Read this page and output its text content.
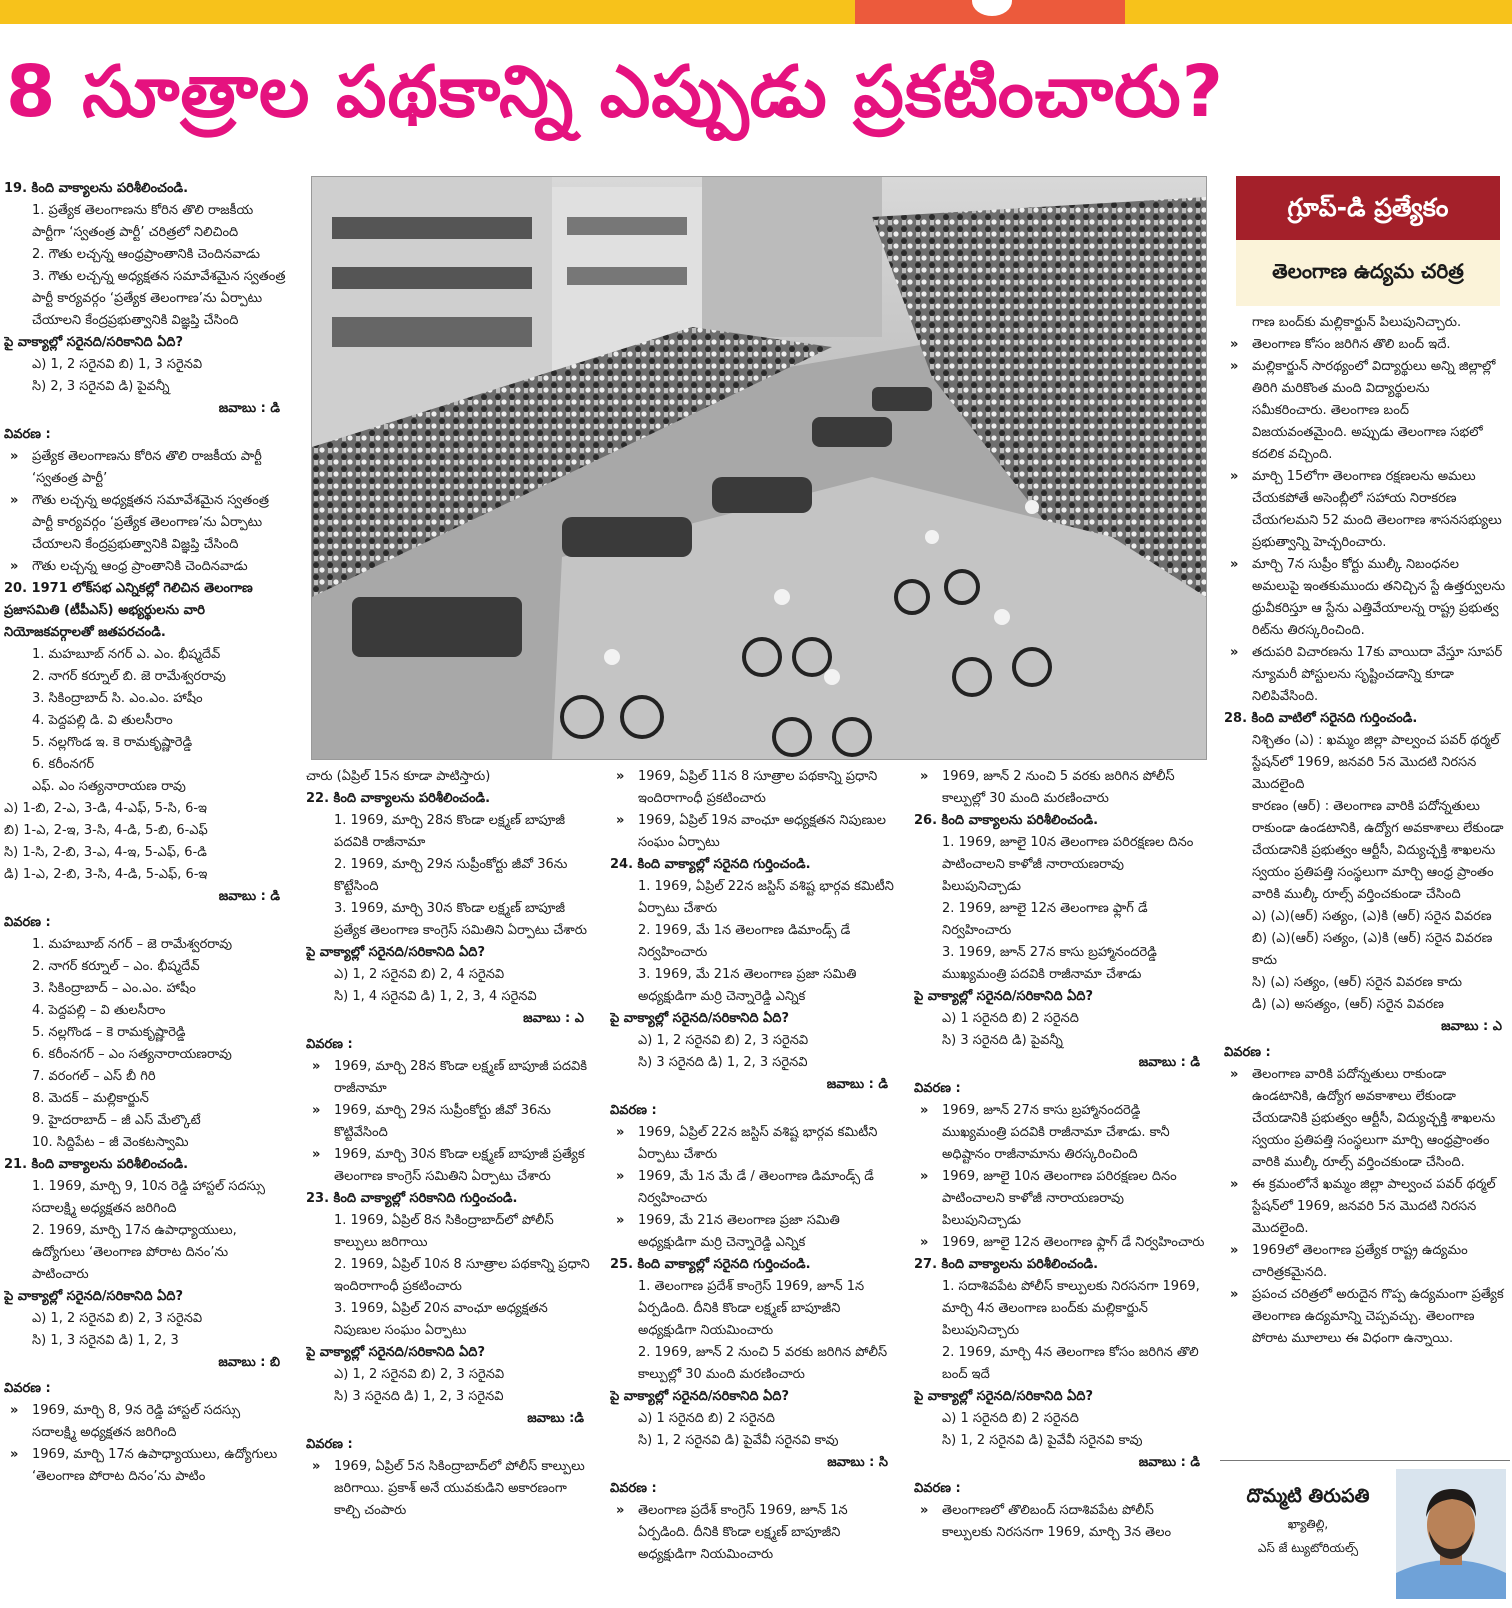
8 సూత్రాల పథకాన్ని ఎప్పుడు ప్రకటించారు?

19. కింది వాక్యాలను పరిశీలించండి.

1. ప్రత్యేక తెలంగాణను కోరిన తొలి రాజకీయ పార్టీగా ‘స్వతంత్ర పార్టీ’ చరిత్రలో నిలిచింది

2. గౌతు లచ్చన్న ఆంధ్రప్రాంతానికి చెందినవాడు

3. గౌతు లచ్చన్న అధ్యక్షతన సమావేశమైన స్వతంత్ర పార్టీ కార్యవర్గం ‘ప్రత్యేక తెలంగాణ’ను ఏర్పాటు చేయాలని కేంద్రప్రభుత్వానికి విజ్ఞప్తి చేసింది

పై వాక్యాల్లో సరైనది/సరికానిది ఏది?

ఎ) 1, 2 సరైనవి బి) 1, 3 సరైనవి

సి) 2, 3 సరైనవి డి) పైవన్నీ

జవాబు : డి

వివరణ :

» ప్రత్యేక తెలంగాణను కోరిన తొలి రాజకీయ పార్టీ ‘స్వతంత్ర పార్టీ’

» గౌతు లచ్చన్న అధ్యక్షతన సమావేశమైన స్వతంత్ర పార్టీ కార్యవర్గం ‘ప్రత్యేక తెలంగాణ’ను ఏర్పాటు చేయాలని కేంద్రప్రభుత్వానికి విజ్ఞప్తి చేసింది

» గౌతు లచ్చన్న ఆంధ్ర ప్రాంతానికి చెందినవాడు

20. 1971 లోక్‌సభ ఎన్నికల్లో గెలిచిన తెలంగాణ ప్రజాసమితి (టీపీఎస్) అభ్యర్థులను వారి నియోజకవర్గాలతో జతపరచండి.

1. మహబూబ్ నగర్ ఎ. ఎం. భీష్మదేవ్

2. నాగర్ కర్నూల్ బి. జె రామేశ్వరరావు

3. సికింద్రాబాద్ సి. ఎం.ఎం. హాషీం

4. పెద్దపల్లి డి. వి తులసీరాం

5. నల్లగొండ ఇ. కె రామకృష్ణారెడ్డి

6. కరీంనగర్

ఎఫ్. ఎం సత్యనారాయణ రావు

ఎ) 1-బి, 2-ఎ, 3-డి, 4-ఎఫ్, 5-సి, 6-ఇ

బి) 1-ఎ, 2-ఇ, 3-సి, 4-డి, 5-బి, 6-ఎఫ్

సి) 1-సి, 2-బి, 3-ఎ, 4-ఇ, 5-ఎఫ్, 6-డి

డి) 1-ఎ, 2-బి, 3-సి, 4-డి, 5-ఎఫ్, 6-ఇ

జవాబు : డి

వివరణ :

1. మహబూబ్ నగర్ – జె రామేశ్వరరావు

2. నాగర్ కర్నూల్ – ఎం. భీష్మదేవ్

3. సికింద్రాబాద్ – ఎం.ఎం. హాషీం

4. పెద్దపల్లి – వి తులసీరాం

5. నల్లగొండ – కె రామకృష్ణారెడ్డి

6. కరీంనగర్ – ఎం సత్యనారాయణరావు

7. వరంగల్ – ఎస్ బీ గిరి

8. మెదక్ – మల్లికార్జున్

9. హైదరాబాద్ – జీ ఎస్ మేల్కొటే

10. సిద్దిపేట – జీ వెంకటస్వామి

21. కింది వాక్యాలను పరిశీలించండి.

1. 1969, మార్చి 9, 10న రెడ్డి హాస్టల్ సదస్సు సదాలక్ష్మి అధ్యక్షతన జరిగింది

2. 1969, మార్చి 17న ఉపాధ్యాయులు, ఉద్యోగులు ‘తెలంగాణ పోరాట దినం’ను పాటించారు

పై వాక్యాల్లో సరైనది/సరికానిది ఏది?

ఎ) 1, 2 సరైనవి బి) 2, 3 సరైనవి

సి) 1, 3 సరైనవి డి) 1, 2, 3

జవాబు : బి

వివరణ :

» 1969, మార్చి 8, 9న రెడ్డి హాస్టల్ సదస్సు సదాలక్ష్మి అధ్యక్షతన జరిగింది

» 1969, మార్చి 17న ఉపాధ్యాయులు, ఉద్యోగులు ‘తెలంగాణ పోరాట దినం’ను పాటిం

చారు (ఏప్రిల్ 15న కూడా పాటిస్తారు)

22. కింది వాక్యాలను పరిశీలించండి.

1. 1969, మార్చి 28న కొండా లక్ష్మణ్ బాపూజీ పదవికి రాజీనామా

2. 1969, మార్చి 29న సుప్రీంకోర్టు జీవో 36ను కొట్టేసింది

3. 1969, మార్చి 30న కొండా లక్ష్మణ్ బాపూజీ ప్రత్యేక తెలంగాణ కాంగ్రెస్ సమితిని ఏర్పాటు చేశారు

పై వాక్యాల్లో సరైనది/సరికానిది ఏది?

ఎ) 1, 2 సరైనవి బి) 2, 4 సరైనవి

సి) 1, 4 సరైనవి డి) 1, 2, 3, 4 సరైనవి

జవాబు : ఎ

వివరణ :

» 1969, మార్చి 28న కొండా లక్ష్మణ్ బాపూజీ పదవికి రాజీనామా

» 1969, మార్చి 29న సుప్రీంకోర్టు జీవో 36ను కొట్టివేసింది

» 1969, మార్చి 30న కొండా లక్ష్మణ్ బాపూజీ ప్రత్యేక తెలంగాణ కాంగ్రెస్ సమితిని ఏర్పాటు చేశారు

23. కింది వాక్యాల్లో సరికానిది గుర్తించండి.

1. 1969, ఏప్రిల్ 8న సికింద్రాబాద్‌లో పోలీస్ కాల్పులు జరిగాయి

2. 1969, ఏప్రిల్ 10న 8 సూత్రాల పథకాన్ని ప్రధాని ఇందిరాగాంధీ ప్రకటించారు

3. 1969, ఏప్రిల్ 20న వాంఛూ అధ్యక్షతన నిపుణుల సంఘం ఏర్పాటు

పై వాక్యాల్లో సరైనది/సరికానిది ఏది?

ఎ) 1, 2 సరైనవి బి) 2, 3 సరైనవి

సి) 3 సరైనది డి) 1, 2, 3 సరైనవి

జవాబు :డి

వివరణ :

» 1969, ఏప్రిల్ 5న సికింద్రాబాద్‌లో పోలీస్ కాల్పులు జరిగాయి. ప్రకాశ్ అనే యువకుడిని అకారణంగా కాల్చి చంపారు

» 1969, ఏప్రిల్ 11న 8 సూత్రాల పథకాన్ని ప్రధాని ఇందిరాగాంధీ ప్రకటించారు

» 1969, ఏప్రిల్ 19న వాంఛూ అధ్యక్షతన నిపుణుల సంఘం ఏర్పాటు

24. కింది వాక్యాల్లో సరైనది గుర్తించండి.

1. 1969, ఏప్రిల్ 22న జస్టిస్ వశిష్ట భార్గవ కమిటీని ఏర్పాటు చేశారు

2. 1969, మే 1న తెలంగాణ డిమాండ్స్ డే నిర్వహించారు

3. 1969, మే 21న తెలంగాణ ప్రజా సమితి అధ్యక్షుడిగా మర్రి చెన్నారెడ్డి ఎన్నిక

పై వాక్యాల్లో సరైనది/సరికానిది ఏది?

ఎ) 1, 2 సరైనవి బి) 2, 3 సరైనవి

సి) 3 సరైనది డి) 1, 2, 3 సరైనవి

జవాబు : డి

వివరణ :

» 1969, ఏప్రిల్ 22న జస్టిస్ వశిష్ట భార్గవ కమిటీని ఏర్పాటు చేశారు

» 1969, మే 1న మే డే / తెలంగాణ డిమాండ్స్ డే నిర్వహించారు

» 1969, మే 21న తెలంగాణ ప్రజా సమితి అధ్యక్షుడిగా మర్రి చెన్నారెడ్డి ఎన్నిక

25. కింది వాక్యాల్లో సరైనది గుర్తించండి.

1. తెలంగాణ ప్రదేశ్ కాంగ్రెస్ 1969, జూన్ 1న ఏర్పడింది. దీనికి కొండా లక్ష్మణ్ బాపూజీని అధ్యక్షుడిగా నియమించారు

2. 1969, జూన్ 2 నుంచి 5 వరకు జరిగిన పోలీస్ కాల్పుల్లో 30 మంది మరణించారు

పై వాక్యాల్లో సరైనది/సరికానిది ఏది?

ఎ) 1 సరైనది బి) 2 సరైనది

సి) 1, 2 సరైనవి డి) పైవేవీ సరైనవి కావు

జవాబు : సి

వివరణ :

» తెలంగాణ ప్రదేశ్ కాంగ్రెస్ 1969, జూన్ 1న ఏర్పడింది. దీనికి కొండా లక్ష్మణ్ బాపూజీని అధ్యక్షుడిగా నియమించారు

» 1969, జూన్ 2 నుంచి 5 వరకు జరిగిన పోలీస్ కాల్పుల్లో 30 మంది మరణించారు

26. కింది వాక్యాలను పరిశీలించండి.

1. 1969, జూలై 10న తెలంగాణ పరిరక్షణల దినం పాటించాలని కాళోజీ నారాయణరావు పిలుపునిచ్చాడు

2. 1969, జూలై 12న తెలంగాణ ఫ్లాగ్ డే నిర్వహించారు

3. 1969, జూన్ 27న కాసు బ్రహ్మానందరెడ్డి ముఖ్యమంత్రి పదవికి రాజీనామా చేశాడు

పై వాక్యాల్లో సరైనది/సరికానిది ఏది?

ఎ) 1 సరైనది బి) 2 సరైనది

సి) 3 సరైనది డి) పైవన్నీ

జవాబు : డి

వివరణ :

» 1969, జూన్ 27న కాసు బ్రహ్మానందరెడ్డి ముఖ్యమంత్రి పదవికి రాజీనామా చేశాడు. కానీ అధిష్టానం రాజీనామాను తిరస్కరించింది

» 1969, జూలై 10న తెలంగాణ పరిరక్షణల దినం పాటించాలని కాళోజీ నారాయణరావు పిలుపునిచ్చాడు

» 1969, జూలై 12న తెలంగాణ ఫ్లాగ్ డే నిర్వహించారు

27. కింది వాక్యాలను పరిశీలించండి.

1. సదాశివపేట పోలీస్ కాల్పులకు నిరసనగా 1969, మార్చి 4న తెలంగాణ బంద్‌కు మల్లికార్జున్ పిలుపునిచ్చారు

2. 1969, మార్చి 4న తెలంగాణ కోసం జరిగిన తొలి బంద్ ఇదే

పై వాక్యాల్లో సరైనది/సరికానిది ఏది?

ఎ) 1 సరైనది బి) 2 సరైనది

సి) 1, 2 సరైనవి డి) పైవేవీ సరైనవి కావు

జవాబు : డి

వివరణ :

» తెలంగాణలో తొలిబంద్ సదాశివపేట పోలీస్ కాల్పులకు నిరసనగా 1969, మార్చి 3న తెలం

గాణ బంద్‌కు మల్లికార్జున్ పిలుపునిచ్చారు.

» తెలంగాణ కోసం జరిగిన తొలి బంద్ ఇదే.

» మల్లికార్జున్ సారథ్యంలో విద్యార్థులు అన్ని జిల్లాల్లో తిరిగి మరికొంత మంది విద్యార్థులను సమీకరించారు. తెలంగాణ బంద్ విజయవంతమైంది. అప్పుడు తెలంగాణ సభలో కదలిక వచ్చింది.

» మార్చి 15లోగా తెలంగాణ రక్షణలను అమలు చేయకపోతే అసెంబ్లీలో సహాయ నిరాకరణ చేయగలమని 52 మంది తెలంగాణ శాసనసభ్యులు ప్రభుత్వాన్ని హెచ్చరించారు.

» మార్చి 7న సుప్రీం కోర్టు ముల్కీ నిబంధనల అమలుపై ఇంతకుముందు తనిచ్చిన స్టే ఉత్తర్వులను ధ్రువీకరిస్తూ ఆ స్టేను ఎత్తివేయాలన్న రాష్ట్ర ప్రభుత్వ రిట్‌ను తిరస్కరించింది.

» తదుపరి విచారణను 17కు వాయిదా వేస్తూ సూపర్ న్యూమరీ పోస్టులను సృష్టించడాన్ని కూడా నిలిపివేసింది.

28. కింది వాటిలో సరైనది గుర్తించండి.

నిశ్చితం (ఎ) : ఖమ్మం జిల్లా పాల్వంచ పవర్ థర్మల్ స్టేషన్‌లో 1969, జనవరి 5న మొదటి నిరసన మొదలైంది

కారణం (ఆర్) : తెలంగాణ వారికి పదోన్నతులు రాకుండా ఉండటానికి, ఉద్యోగ అవకాశాలు లేకుండా చేయడానికి ప్రభుత్వం ఆర్టీసీ, విద్యుచ్ఛక్తి శాఖలను స్వయం ప్రతిపత్తి సంస్థలుగా మార్చి ఆంధ్ర ప్రాంతం వారికి ముల్కీ రూల్స్ వర్తించకుండా చేసింది

ఎ) (ఎ)(ఆర్) సత్యం, (ఎ)కి (ఆర్) సరైన వివరణ

బి) (ఎ)(ఆర్) సత్యం, (ఎ)కి (ఆర్) సరైన వివరణ కాదు

సి) (ఎ) సత్యం, (ఆర్) సరైన వివరణ కాదు

డి) (ఎ) అసత్యం, (ఆర్) సరైన వివరణ

జవాబు : ఎ

వివరణ :

» తెలంగాణ వారికి పదోన్నతులు రాకుండా ఉండటానికి, ఉద్యోగ అవకాశాలు లేకుండా చేయడానికి ప్రభుత్వం ఆర్టీసీ, విద్యుచ్ఛక్తి శాఖలను స్వయం ప్రతిపత్తి సంస్థలుగా మార్చి ఆంధ్రప్రాంతం వారికి ముల్కీ రూల్స్ వర్తించకుండా చేసింది.

» ఈ క్రమంలోనే ఖమ్మం జిల్లా పాల్వంచ పవర్ థర్మల్ స్టేషన్‌లో 1969, జనవరి 5న మొదటి నిరసన మొదలైంది.

» 1969లో తెలంగాణ ప్రత్యేక రాష్ట్ర ఉద్యమం చారిత్రకమైనది.

» ప్రపంచ చరిత్రలో అరుదైన గొప్ప ఉద్యమంగా ప్రత్యేక తెలంగాణ ఉద్యమాన్ని చెప్పవచ్చు. తెలంగాణ పోరాట మూలాలు ఈ విధంగా ఉన్నాయి.

గ్రూప్-డి ప్రత్యేకం
తెలంగాణ ఉద్యమ చరిత్ర
దొమ్మటి తిరుపతి
ఖ్యాతిల్లి,
ఎస్ జే ట్యుటోరియల్స్
